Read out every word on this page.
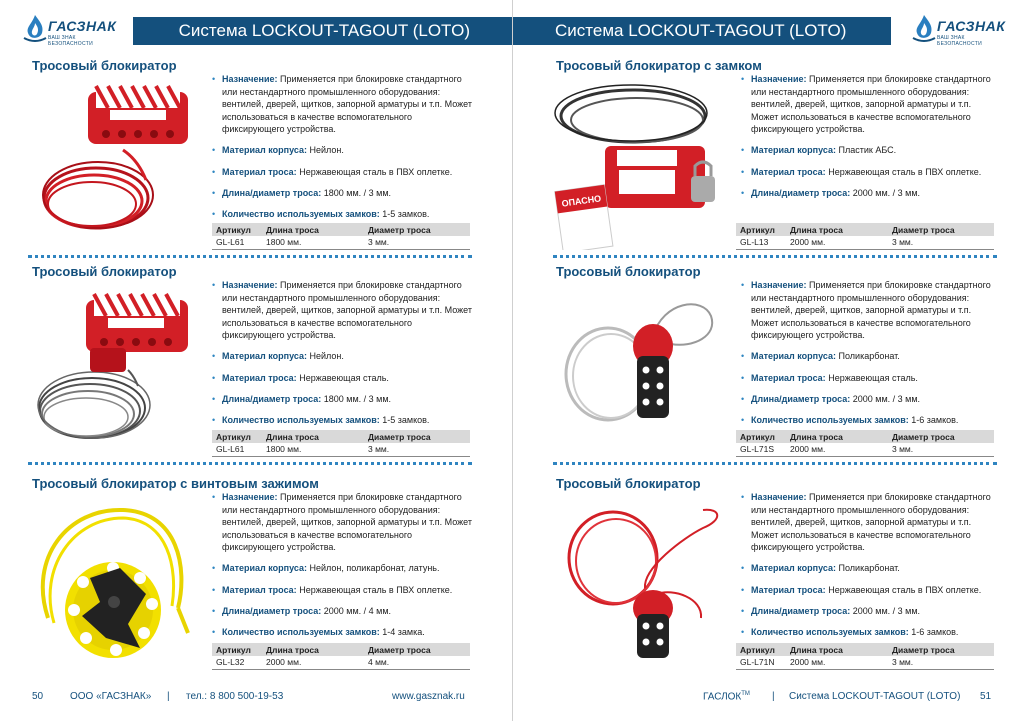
ГАСЗНАК
ВАШ ЗНАК БЕЗОПАСНОСТИ
Система LOCKOUT-TAGOUT (LOTO)
Тросовый блокиратор
• Назначение: Применяется при блокировке стандартного или нестандартного промышленного оборудования: вентилей, дверей, щитков, запорной арматуры и т.п. Может использоваться в качестве вспомогательного фиксирующего устройства.
• Материал корпуса: Нейлон.
• Материал троса: Нержавеющая сталь в ПВХ оплетке.
• Длина/диаметр троса: 1800 мм. / 3 мм.
• Количество используемых замков: 1-5 замков.
Артикул	Длина троса	Диаметр троса
GL-L61	1800 мм.	3 мм.
Тросовый блокиратор
• Назначение: Применяется при блокировке стандартного или нестандартного промышленного оборудования: вентилей, дверей, щитков, запорной арматуры и т.п. Может использоваться в качестве вспомогательного фиксирующего устройства.
• Материал корпуса: Нейлон.
• Материал троса: Нержавеющая сталь.
• Длина/диаметр троса: 1800 мм. / 3 мм.
• Количество используемых замков: 1-5 замков.
Артикул	Длина троса	Диаметр троса
GL-L61	1800 мм.	3 мм.
Тросовый блокиратор с винтовым зажимом
• Назначение: Применяется при блокировке стандартного или нестандартного промышленного оборудования: вентилей, дверей, щитков, запорной арматуры и т.п. Может использоваться в качестве вспомогательного фиксирующего устройства.
• Материал корпуса: Нейлон, поликарбонат, латунь.
• Материал троса: Нержавеющая сталь в ПВХ оплетке.
• Длина/диаметр троса: 2000 мм. / 4 мм.
• Количество используемых замков: 1-4 замка.
Артикул	Длина троса	Диаметр троса
GL-L32	2000 мм.	4 мм.
50	ООО «ГАСЗНАК» | тел.: 8 800 500-19-53	www.gasznak.ru
Система LOCKOUT-TAGOUT (LOTO)	ГАСЗНАК
ВАШ ЗНАК БЕЗОПАСНОСТИ
Тросовый блокиратор с замком
ОПАСНО
• Назначение: Применяется при блокировке стандартного или нестандартного промышленного оборудования: вентилей, дверей, щитков, запорной арматуры и т.п. Может использоваться в качестве вспомогательного фиксирующего устройства.
• Материал корпуса: Пластик АБС.
• Материал троса: Нержавеющая сталь в ПВХ оплетке.
• Длина/диаметр троса: 2000 мм. / 3 мм.
Артикул	Длина троса	Диаметр троса
GL-L13	2000 мм.	3 мм.
Тросовый блокиратор
• Назначение: Применяется при блокировке стандартного или нестандартного промышленного оборудования: вентилей, дверей, щитков, запорной арматуры и т.п. Может использоваться в качестве вспомогательного фиксирующего устройства.
• Материал корпуса: Поликарбонат.
• Материал троса: Нержавеющая сталь.
• Длина/диаметр троса: 2000 мм. / 3 мм.
• Количество используемых замков: 1-6 замков.
Артикул	Длина троса	Диаметр троса
GL-L71S	2000 мм.	3 мм.
Тросовый блокиратор
• Назначение: Применяется при блокировке стандартного или нестандартного промышленного оборудования: вентилей, дверей, щитков, запорной арматуры и т.п. Может использоваться в качестве вспомогательного фиксирующего устройства.
• Материал корпуса: Поликарбонат.
• Материал троса: Нержавеющая сталь в ПВХ оплетке.
• Длина/диаметр троса: 2000 мм. / 3 мм.
• Количество используемых замков: 1-6 замков.
Артикул	Длина троса	Диаметр троса
GL-L71N	2000 мм.	3 мм.
ГАСЛОК™ | Система LOCKOUT-TAGOUT (LOTO) 51
